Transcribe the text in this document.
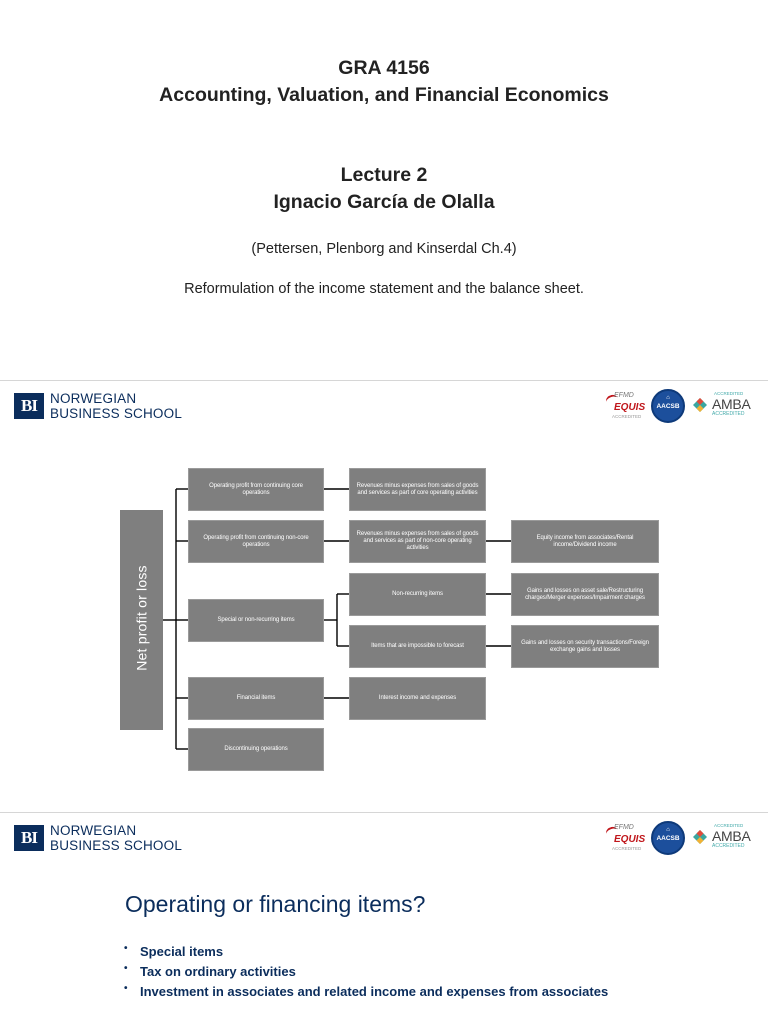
GRA 4156
Accounting, Valuation, and Financial Economics
Lecture 2
Ignacio García de Olalla
(Pettersen, Plenborg and Kinserdal Ch.4)
Reformulation of the income statement and the balance sheet.
BI NORWEGIAN
BUSINESS SCHOOL
EFMD
EQUIS
ACCREDITED
⌂
AACSB
ACCREDITED
AMBA
ACCREDITED
Net profit or loss
Operating profit from continuing core operations
Operating profit from continuing non-core operations
Special or non-recurring items
Financial items
Discontinuing operations
Revenues minus expenses from sales of goods and services as part of core operating activities
Revenues minus expenses from sales of goods and services as part of non-core operating activities
Non-recurring items
Items that are impossible to forecast
Interest income and expenses
Equity income from associates/Rental income/Dividend income
Gains and losses on asset sale/Restructuring charges/Merger expenses/Impairment charges
Gains and losses on security transactions/Foreign exchange gains and losses
BI NORWEGIAN
BUSINESS SCHOOL
EFMD
EQUIS
ACCREDITED
⌂
AACSB
ACCREDITED
AMBA
ACCREDITED
Operating or financing items?
• Special items
• Tax on ordinary activities
• Investment in associates and related income and expenses from associates
